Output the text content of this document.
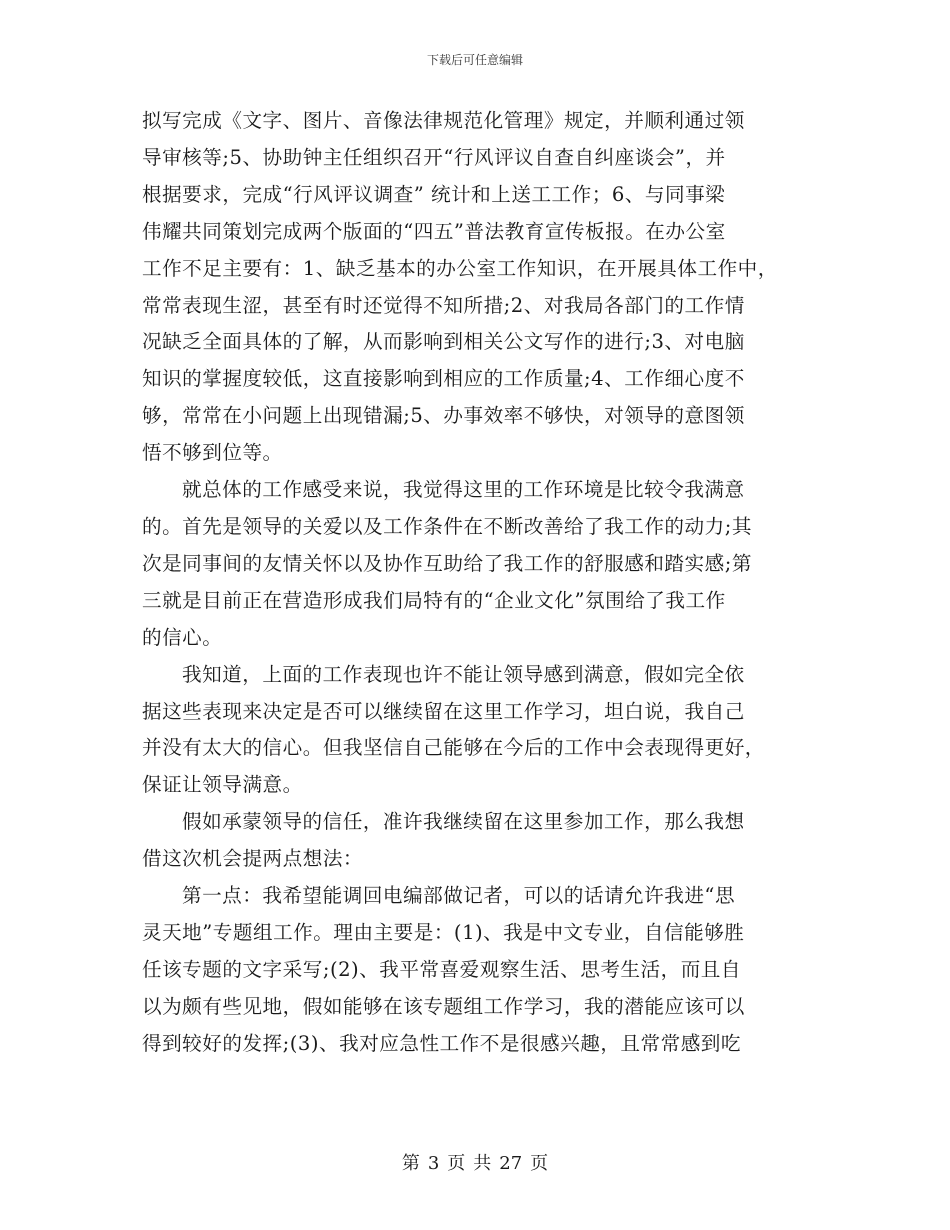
下载后可任意编辑

拟写完成《文字、图片、音像法律规范化管理》规定，并顺利通过领
导审核等;5、协助钟主任组织召开“行风评议自查自纠座谈会”，并
根据要求，完成“行风评议调查” 统计和上送工工作；6、与同事梁
伟耀共同策划完成两个版面的“四五”普法教育宣传板报。在办公室
工作不足主要有：1、缺乏基本的办公室工作知识，在开展具体工作中，
常常表现生涩，甚至有时还觉得不知所措;2、对我局各部门的工作情
况缺乏全面具体的了解，从而影响到相关公文写作的进行;3、对电脑
知识的掌握度较低，这直接影响到相应的工作质量;4、工作细心度不
够，常常在小问题上出现错漏;5、办事效率不够快，对领导的意图领
悟不够到位等。

就总体的工作感受来说，我觉得这里的工作环境是比较令我满意
的。首先是领导的关爱以及工作条件在不断改善给了我工作的动力;其
次是同事间的友情关怀以及协作互助给了我工作的舒服感和踏实感;第
三就是目前正在营造形成我们局特有的“企业文化”氛围给了我工作
的信心。

我知道，上面的工作表现也许不能让领导感到满意，假如完全依
据这些表现来决定是否可以继续留在这里工作学习，坦白说，我自己
并没有太大的信心。但我坚信自己能够在今后的工作中会表现得更好，
保证让领导满意。

假如承蒙领导的信任，准许我继续留在这里参加工作，那么我想
借这次机会提两点想法：

第一点：我希望能调回电编部做记者，可以的话请允许我进“思
灵天地”专题组工作。理由主要是：(1)、我是中文专业，自信能够胜
任该专题的文字采写;(2)、我平常喜爱观察生活、思考生活，而且自
以为颇有些见地，假如能够在该专题组工作学习，我的潜能应该可以
得到较好的发挥;(3)、我对应急性工作不是很感兴趣，且常常感到吃

第 3 页 共 27 页
